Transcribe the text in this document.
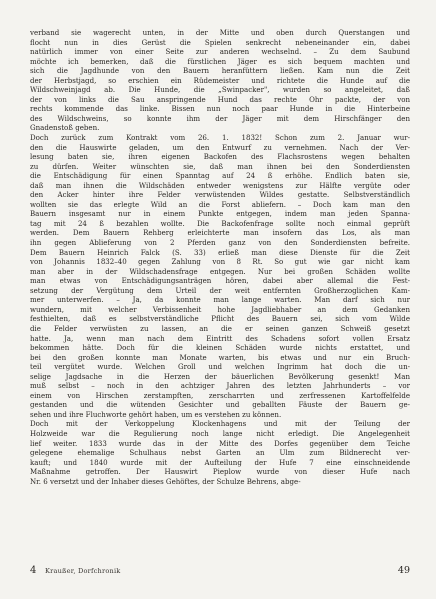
verband sie wagerecht unten, in der Mitte und oben durch Querstangen und
flocht nun in dies Gerüst die Spielen senkrecht nebeneinander ein, dabei
natürlich immer von einer Seite zur anderen wechselnd. – Zu dem Saubund
möchte ich bemerken, daß die fürstlichen Jäger es sich bequem machten und
sich die Jagdhunde von den Bauern heranfüttern ließen. Kam nun die Zeit
der Herbstjagd, so erschien ein Rüdemeister und richtete die Hunde auf die
Wildschweinjagd ab. Die Hunde, die „Swinpacker", wurden so angeleitet, daß
der von links die Sau anspringende Hund das rechte Ohr packte, der von
rechts kommende das linke. Bissen nun noch paar Hunde in die Hinterbeine
des Wildschweins, so konnte ihm der Jäger mit dem Hirschfänger den
Gnadenstoß geben.
Doch zurück zum Kontrakt vom 26. 1. 1832! Schon zum 2. Januar wur-
den die Hauswirte geladen, um den Entwurf zu vernehmen. Nach der Ver-
lesung baten sie, ihren eigenen Backofen des Flachsrostens wegen behalten
zu dürfen. Weiter wünschten sie, daß man ihnen bei den Sonderdiensten
die Entschädigung für einen Spanntag auf 24 ß erhöhe. Endlich baten sie,
daß man ihnen die Wildschäden entweder wenigstens zur Hälfte vergüte oder
den Acker hinter ihre Felder verwüstenden Wildes gestatte. Selbstverständlich
wollten sie das erlegte Wild an die Forst abliefern. – Doch kam man den
Bauern insgesamt nur in einem Punkte entgegen, indem man jeden Spanna-
tag mit 24 ß bezahlen wollte. Die Backofenfrage sollte noch einmal geprüft
werden. Dem Bauern Rehberg erleichterte man insofern das Los, als man
ihn gegen Ablieferung von 2 Pferden ganz von den Sonderdiensten befreite.
Dem Bauern Heinrich Falck (S. 33) erließ man diese Dienste für die Zeit
von Johannis 1832–40 gegen Zahlung von 8 Rt. So gut wie gar nicht kam
man aber in der Wildschadensfrage entgegen. Nur bei großen Schäden wollte
man etwas von Entschädigungsanträgen hören, dabei aber allemal die Fest-
setzung der Vergütung dem Urteil der weit entfernten Großherzoglichen Kam-
mer unterwerfen. – Ja, da konnte man lange warten. Man darf sich nur
wundern, mit welcher Verbissenheit hohe Jagdliebhaber an dem Gedanken
festhielten, daß es selbstverständliche Pflicht des Bauern sei, sich vom Wilde
die Felder verwüsten zu lassen, an die er seinen ganzen Schweiß gesetzt
hatte. Ja, wenn man nach dem Eintritt des Schadens sofort vollen Ersatz
bekommen hätte. Doch für die kleinen Schäden wurde nichts erstattet, und
bei den großen konnte man Monate warten, bis etwas und nur ein Bruch-
teil vergütet wurde. Welchen Groll und welchen Ingrimm hat doch die un-
selige Jagdsache in die Herzen der bäuerlichen Bevölkerung gesenkt! Man
muß selbst – noch in den achtziger Jahren des letzten Jahrhunderts – vor
einem von Hirschen zerstampften, zerscharrten und zerfressenen Kartoffelfelde
gestanden und die wütenden Gesichter und geballten Fäuste der Bauern ge-
sehen und ihre Fluchworte gehört haben, um es verstehen zu können.
Doch mit der Verkoppelung Klockenhagens und mit der Teilung der
Holzweide war die Regulierung noch lange nicht erledigt. Die Angelegenheit
lief weiter. 1833 wurde das in der Mitte des Dorfes gegenüber dem Teiche
gelegene ehemalige Schulhaus nebst Garten an Ulm zum Bildnerecht ver-
kauft; und 1840 wurde mit der Aufteilung der Hufe 7 eine einschneidende
Maßnahme getroffen. Der Hauswirt Pieplow wurde von dieser Hufe nach
Nr. 6 versetzt und der Inhaber dieses Gehöftes, der Schulze Behrens, abge-
4 Kraußer, Dorfchronik	49
